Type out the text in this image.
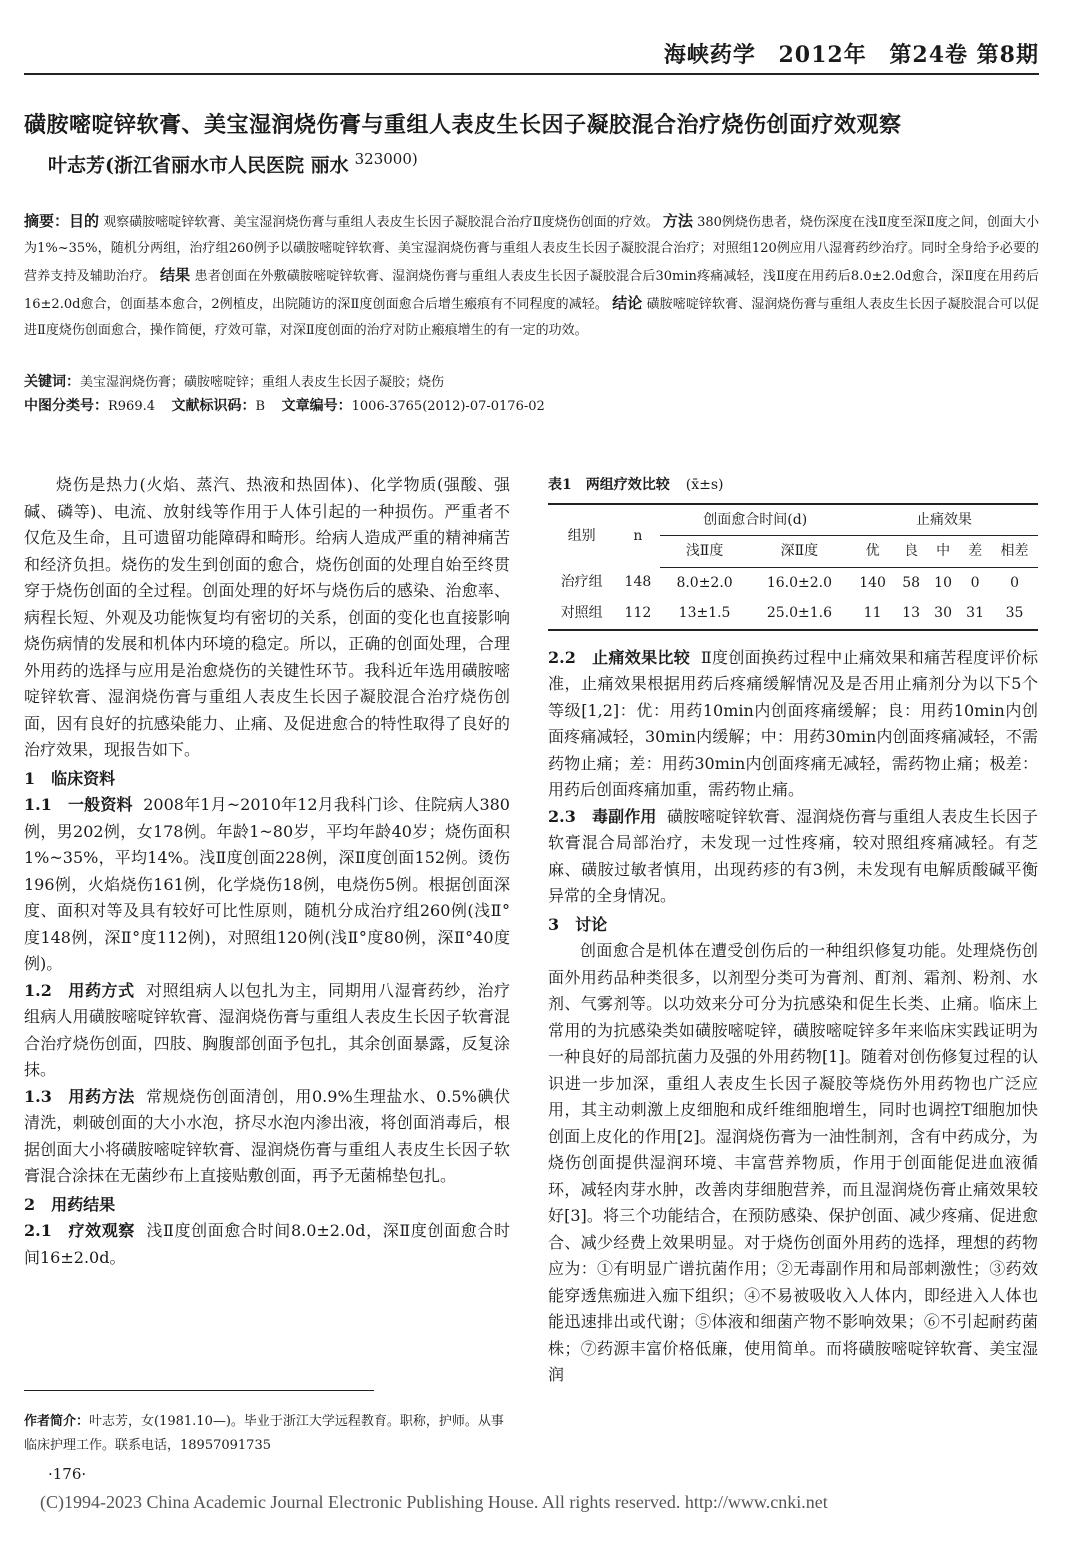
海峡药学 2012年 第24卷 第8期
磺胺嘧啶锌软膏、美宝湿润烧伤膏与重组人表皮生长因子凝胶混合治疗烧伤创面疗效观察
叶志芳(浙江省丽水市人民医院 丽水 $^{323000)}$
摘要：目的 观察磺胺嘧啶锌软膏、美宝湿润烧伤膏与重组人表皮生长因子凝胶混合治疗Ⅱ度烧伤创面的疗效。 方法 380例烧伤患者，烧伤深度在浅Ⅱ度至深Ⅱ度之间，创面大小为1%~35%，随机分两组，治疗组260例予以磺胺嘧啶锌软膏、美宝湿润烧伤膏与重组人表皮生长因子凝胶混合治疗；对照组120例应用八湿膏药纱治疗。同时全身给予必要的营养支持及辅助治疗。 结果 患者创面在外敷磺胺嘧啶锌软膏、湿润烧伤膏与重组人表皮生长因子凝胶混合后30min疼痛减轻，浅Ⅱ度在用药后8.0±2.0d愈合，深Ⅱ度在用药后16±2.0d愈合，创面基本愈合，2例植皮，出院随访的深Ⅱ度创面愈合后增生瘢痕有不同程度的减轻。 结论 磺胺嘧啶锌软膏、湿润烧伤膏与重组人表皮生长因子凝胶混合可以促进Ⅱ度烧伤创面愈合，操作简便，疗效可靠，对深Ⅱ度创面的治疗对防止瘢痕增生的有一定的功效。
关键词：美宝湿润烧伤膏；磺胺嘧啶锌；重组人表皮生长因子凝胶；烧伤
中图分类号：R969.4 文献标识码：B 文章编号：1006-3765(2012)-07-0176-02

烧伤是热力(火焰、蒸汽、热液和热固体)、化学物质(强酸、强碱、磷等)、电流、放射线等作用于人体引起的一种损伤。严重者不仅危及生命，且可遗留功能障碍和畸形。给病人造成严重的精神痛苦和经济负担。烧伤的发生到创面的愈合，烧伤创面的处理自始至终贯穿于烧伤创面的全过程。创面处理的好坏与烧伤后的感染、治愈率、病程长短、外观及功能恢复均有密切的关系，创面的变化也直接影响烧伤病情的发展和机体内环境的稳定。所以，正确的创面处理，合理外用药的选择与应用是治愈烧伤的关键性环节。我科近年选用磺胺嘧啶锌软膏、湿润烧伤膏与重组人表皮生长因子凝胶混合治疗烧伤创面，因有良好的抗感染能力、止痛、及促进愈合的特性取得了良好的治疗效果，现报告如下。

1　临床资料

1.1 一般资料 2008年1月~2010年12月我科门诊、住院病人380例，男202例，女178例。年龄1~80岁，平均年龄40岁；烧伤面积1%~35%，平均14%。浅Ⅱ度创面228例，深Ⅱ度创面152例。烫伤196例，火焰烧伤161例，化学烧伤18例，电烧伤5例。根据创面深度、面积对等及具有较好可比性原则，随机分成治疗组260例(浅Ⅱ°度148例，深Ⅱ°度112例)，对照组120例(浅Ⅱ°度80例，深Ⅱ°40度例)。

1.2 用药方式 对照组病人以包扎为主，同期用八湿膏药纱，治疗组病人用磺胺嘧啶锌软膏、湿润烧伤膏与重组人表皮生长因子软膏混合治疗烧伤创面，四肢、胸腹部创面予包扎，其余创面暴露，反复涂抹。

1.3 用药方法 常规烧伤创面清创，用0.9%生理盐水、0.5%碘伏清洗，刺破创面的大小水泡，挤尽水泡内渗出液，将创面消毒后，根据创面大小将磺胺嘧啶锌软膏、湿润烧伤膏与重组人表皮生长因子软膏混合涂抹在无菌纱布上直接贴敷创面，再予无菌棉垫包扎。

2　用药结果

2.1 疗效观察 浅Ⅱ度创面愈合时间8.0±2.0d，深Ⅱ度创面愈合时间16±2.0d。

表1　两组疗效比较 (x̄±s)
组别	n	创面愈合时间(d)		止痛效果				
		浅Ⅱ度	深Ⅱ度	优	良	中	差	相差
治疗组	148	8.0±2.0	16.0±2.0	140	58	10	0	0
对照组	112	13±1.5	25.0±1.6	11	13	30	31	35

2.2 止痛效果比较 Ⅱ度创面换药过程中止痛效果和痛苦程度评价标准，止痛效果根据用药后疼痛缓解情况及是否用止痛剂分为以下5个等级[1,2]：优：用药10min内创面疼痛缓解；良：用药10min内创面疼痛减轻，30min内缓解；中：用药30min内创面疼痛减轻，不需药物止痛；差：用药30min内创面疼痛无减轻，需药物止痛；极差：用药后创面疼痛加重，需药物止痛。

2.3 毒副作用 磺胺嘧啶锌软膏、湿润烧伤膏与重组人表皮生长因子软膏混合局部治疗，未发现一过性疼痛，较对照组疼痛减轻。有芝麻、磺胺过敏者慎用，出现药疹的有3例，未发现有电解质酸碱平衡异常的全身情况。

3　讨论

创面愈合是机体在遭受创伤后的一种组织修复功能。处理烧伤创面外用药品种类很多，以剂型分类可为膏剂、酊剂、霜剂、粉剂、水剂、气雾剂等。以功效来分可分为抗感染和促生长类、止痛。临床上常用的为抗感染类如磺胺嘧啶锌，磺胺嘧啶锌多年来临床实践证明为一种良好的局部抗菌力及强的外用药物[1]。随着对创伤修复过程的认识进一步加深，重组人表皮生长因子凝胶等烧伤外用药物也广泛应用，其主动刺激上皮细胞和成纤维细胞增生，同时也调控T细胞加快创面上皮化的作用[2]。湿润烧伤膏为一油性制剂，含有中药成分，为烧伤创面提供湿润环境、丰富营养物质，作用于创面能促进血液循环，减轻肉芽水肿，改善肉芽细胞营养，而且湿润烧伤膏止痛效果较好[3]。将三个功能结合，在预防感染、保护创面、减少疼痛、促进愈合、减少经费上效果明显。对于烧伤创面外用药的选择，理想的药物应为：①有明显广谱抗菌作用；②无毒副作用和局部刺激性；③药效能穿透焦痂进入痂下组织；④不易被吸收入人体内，即经进入人体也能迅速排出或代谢；⑤体液和细菌产物不影响效果；⑥不引起耐药菌株；⑦药源丰富价格低廉，使用简单。而将磺胺嘧啶锌软膏、美宝湿润

作者简介：叶志芳，女(1981.10—)。毕业于浙江大学远程教育。职称，护师。从事临床护理工作。联系电话，18957091735
·176·
(C)1994-2023 China Academic Journal Electronic Publishing House. All rights reserved. http://www.cnki.net
